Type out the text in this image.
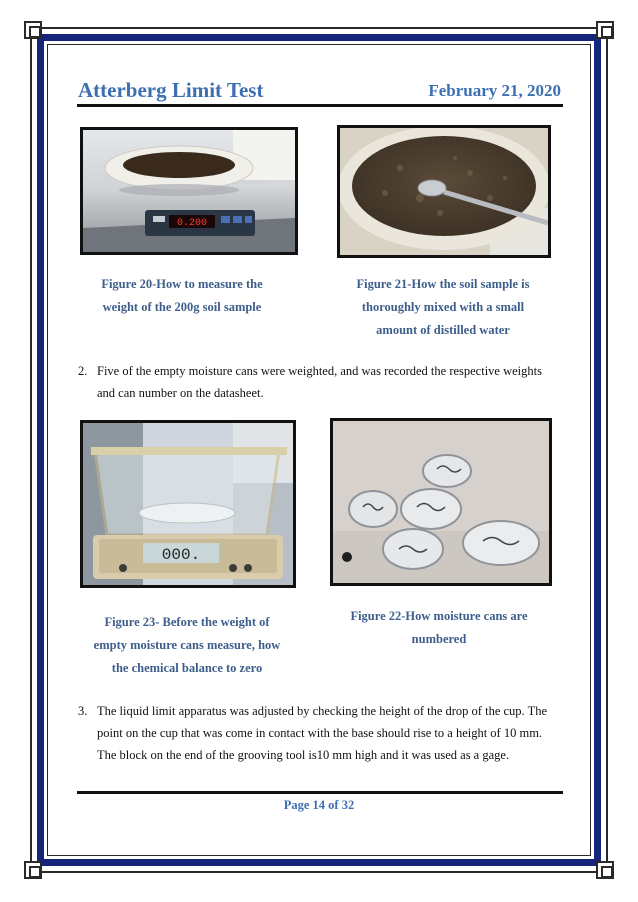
Atterberg Limit Test	February 21, 2020
0.200
Figure 20-How to measure the
weight of the 200g soil sample
Figure 21-How the soil sample is
thoroughly mixed with a small
amount of distilled water
2. Five of the empty moisture cans were weighted, and was recorded the respective weights
and can number on the datasheet.
000.
Figure 23- Before the weight of
empty moisture cans measure, how
the chemical balance to zero
Figure 22-How moisture cans are
numbered
3. The liquid limit apparatus was adjusted by checking the height of the drop of the cup. The
point on the cup that was come in contact with the base should rise to a height of 10 mm.
The block on the end of the grooving tool is10 mm high and it was used as a gage.
Page 14 of 32
